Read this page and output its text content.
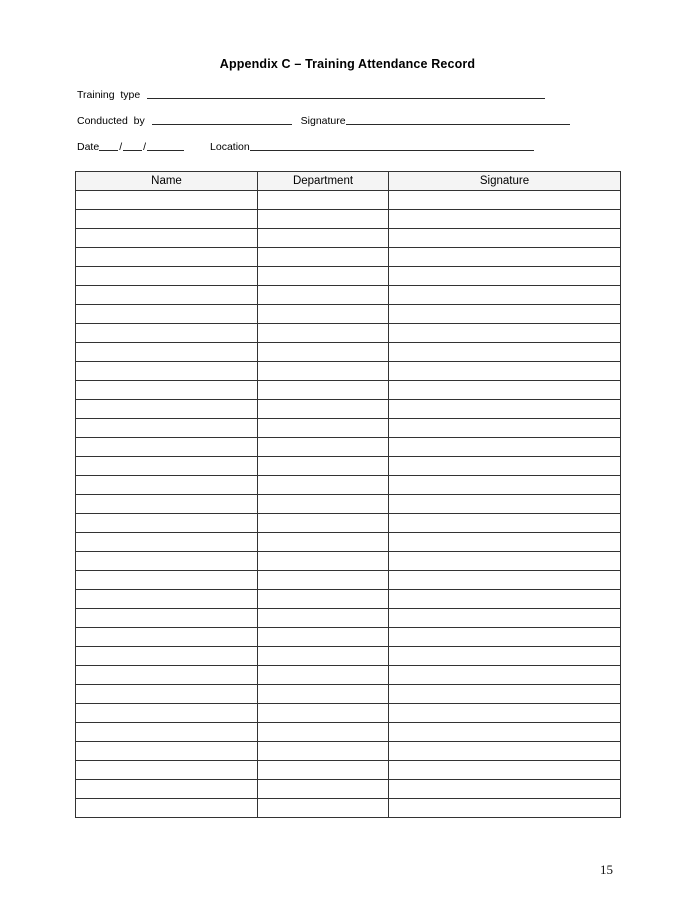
Appendix C – Training Attendance Record
Training  type
Conducted  by	Signature
Date / /	Location
Name	Department	Signature

15
